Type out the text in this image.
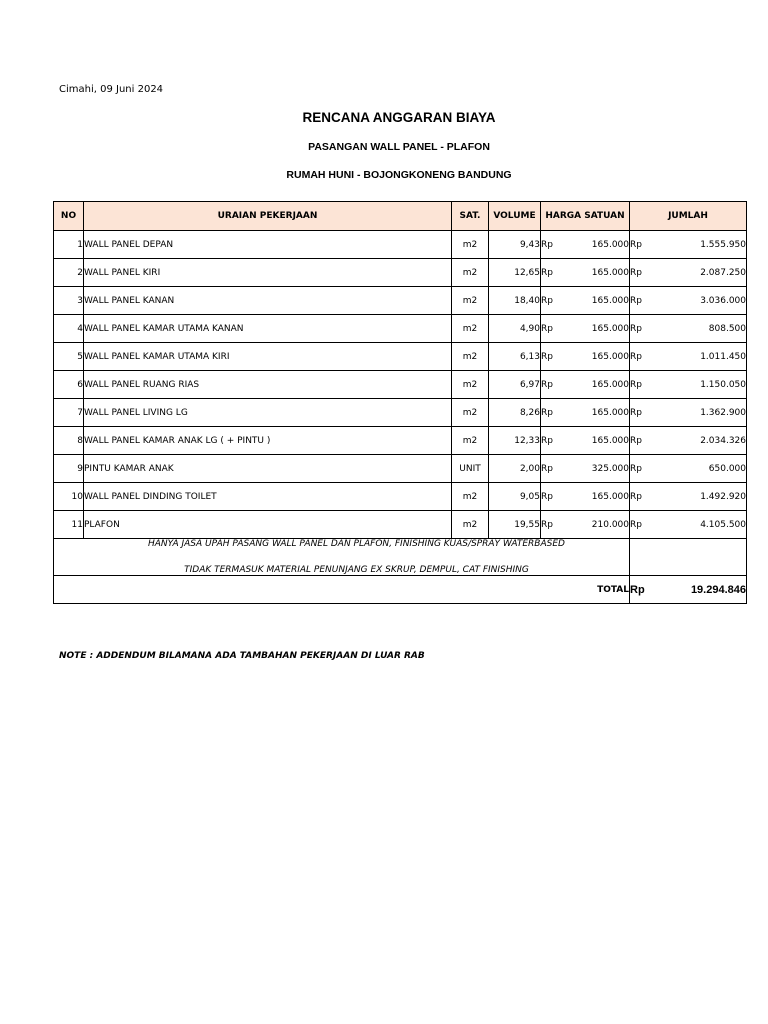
Cimahi, 09 Juni 2024
RENCANA ANGGARAN BIAYA
PASANGAN WALL PANEL - PLAFON
RUMAH HUNI - BOJONGKONENG BANDUNG
NO	URAIAN PEKERJAAN	SAT.	VOLUME	HARGA SATUAN	JUMLAH
1	WALL PANEL DEPAN	m2	9,43	Rp 165.000	Rp 1.555.950

2	WALL PANEL KIRI	m2	12,65	Rp 165.000	Rp 2.087.250

3	WALL PANEL KANAN	m2	18,40	Rp 165.000	Rp 3.036.000

4	WALL PANEL KAMAR UTAMA KANAN	m2	4,90	Rp 165.000	Rp 808.500

5	WALL PANEL KAMAR UTAMA KIRI	m2	6,13	Rp 165.000	Rp 1.011.450

6	WALL PANEL RUANG RIAS	m2	6,97	Rp 165.000	Rp 1.150.050

7	WALL PANEL LIVING LG	m2	8,26	Rp 165.000	Rp 1.362.900

8	WALL PANEL KAMAR ANAK LG ( + PINTU )	m2	12,33	Rp 165.000	Rp 2.034.326

9	PINTU KAMAR ANAK	UNIT	2,00	Rp 325.000	Rp 650.000

10	WALL PANEL DINDING TOILET	m2	9,05	Rp 165.000	Rp 1.492.920

11	PLAFON	m2	19,55	Rp 210.000	Rp 4.105.500

HANYA JASA UPAH PASANG WALL PANEL DAN PLAFON, FINISHING KUAS/SPRAY WATERBASED
TIDAK TERMASUK MATERIAL PENUNJANG EX SKRUP, DEMPUL, CAT FINISHING					

TOTAL					Rp 19.294.846
NOTE : ADDENDUM BILAMANA ADA TAMBAHAN PEKERJAAN DI LUAR RAB
